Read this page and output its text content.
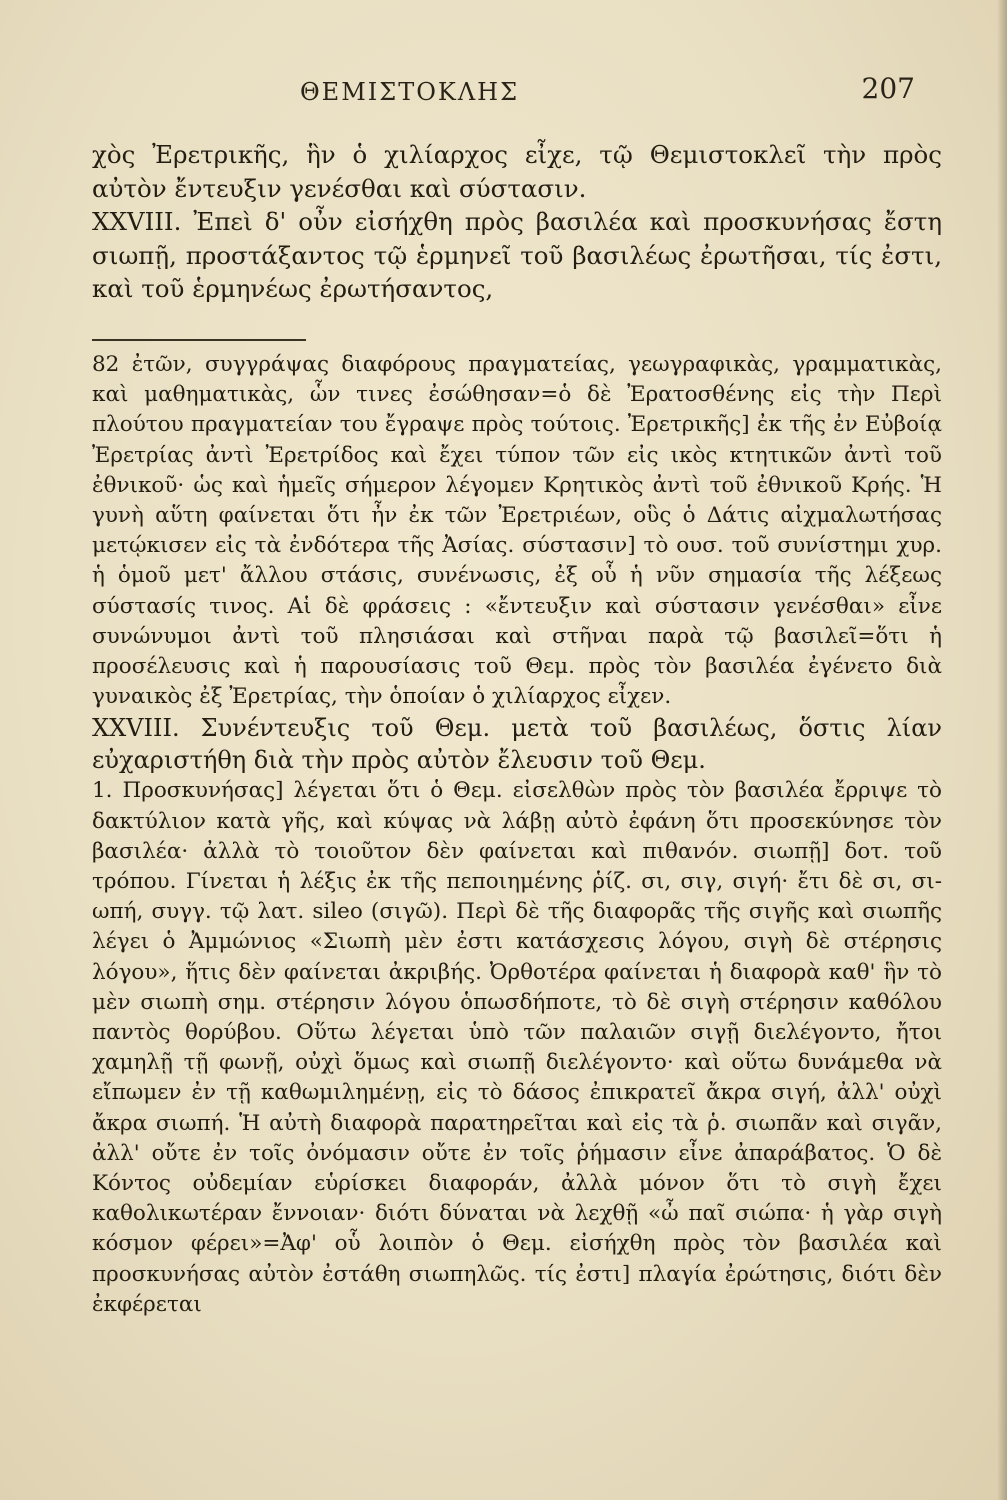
ΘΕΜΙΣΤΟΚΛΗΣ	207

χὸς Ἐρετρικῆς, ἣν ὁ χιλίαρχος εἶχε, τῷ Θεμιστοκλεῖ τὴν πρὸς αὐτὸν ἔντευξιν γενέσθαι καὶ σύστασιν.

XXVIII. Ἐπεὶ δ' οὖν εἰσήχθη πρὸς βασιλέα καὶ προσκυνήσας ἔστη σιωπῇ, προστάξαντος τῷ ἑρμηνεῖ τοῦ βασιλέως ἐρωτῆσαι, τίς ἐστι, καὶ τοῦ ἑρμηνέως ἐρωτήσαντος,

82 ἐτῶν, συγγράψας διαφόρους πραγματείας, γεωγραφικὰς, γραμματικὰς, καὶ μαθηματικὰς, ὧν τινες ἐσώθησαν=ὁ δὲ Ἐρατοσθένης εἰς τὴν Περὶ πλούτου πραγματείαν του ἔγραψε πρὸς τούτοις. Ἐρετρικῆς] ἐκ τῆς ἐν Εὐβοίᾳ Ἐρετρίας ἀντὶ Ἐρετρίδος καὶ ἔχει τύπον τῶν εἰς ικὸς κτητικῶν ἀντὶ τοῦ ἐθνικοῦ· ὡς καὶ ἡμεῖς σήμερον λέγομεν Κρητικὸς ἀντὶ τοῦ ἐθνικοῦ Κρής. Ἡ γυνὴ αὕτη φαίνεται ὅτι ἦν ἐκ τῶν Ἐρετριέων, οὓς ὁ Δάτις αἰχμαλωτήσας μετῴκισεν εἰς τὰ ἐνδότερα τῆς Ἀσίας. σύστασιν] τὸ ουσ. τοῦ συνίστημι χυρ. ἡ ὁμοῦ μετ' ἄλλου στάσις, συνένωσις, ἐξ οὗ ἡ νῦν σημασία τῆς λέξεως σύστασίς τινος. Αἱ δὲ φράσεις : «ἔντευξιν καὶ σύστασιν γενέσθαι» εἶνε συνώνυμοι ἀντὶ τοῦ πλησιάσαι καὶ στῆναι παρὰ τῷ βασιλεῖ=ὅτι ἡ προσέλευσις καὶ ἡ παρουσίασις τοῦ Θεμ. πρὸς τὸν βασιλέα ἐγένετο διὰ γυναικὸς ἐξ Ἐρετρίας, τὴν ὁποίαν ὁ χιλίαρχος εἶχεν.

XXVIII. Συνέντευξις τοῦ Θεμ. μετὰ τοῦ βασιλέως, ὅστις λίαν εὐχαριστήθη διὰ τὴν πρὸς αὐτὸν ἔλευσιν τοῦ Θεμ.

1. Προσκυνήσας] λέγεται ὅτι ὁ Θεμ. εἰσελθὼν πρὸς τὸν βασιλέα ἔρριψε τὸ δακτύλιον κατὰ γῆς, καὶ κύψας νὰ λάβῃ αὐτὸ ἐφάνη ὅτι προσεκύνησε τὸν βασιλέα· ἀλλὰ τὸ τοιοῦτον δὲν φαίνεται καὶ πιθανόν. σιωπῇ] δοτ. τοῦ τρόπου. Γίνεται ἡ λέξις ἐκ τῆς πεποιημένης ῥίζ. σι, σιγ, σιγή· ἔτι δὲ σι, σι-ωπή, συγγ. τῷ λατ. sileo (σιγῶ). Περὶ δὲ τῆς διαφορᾶς τῆς σιγῆς καὶ σιωπῆς λέγει ὁ Ἀμμώνιος «Σιωπὴ μὲν ἐστι κατάσχεσις λόγου, σιγὴ δὲ στέρησις λόγου», ἥτις δὲν φαίνεται ἀκριβής. Ὀρθοτέρα φαίνεται ἡ διαφορὰ καθ' ἣν τὸ μὲν σιωπὴ σημ. στέρησιν λόγου ὁπωσδήποτε, τὸ δὲ σιγὴ στέρησιν καθόλου παντὸς θορύβου. Οὕτω λέγεται ὑπὸ τῶν παλαιῶν σιγῇ διελέγοντο, ἤτοι χαμηλῇ τῇ φωνῇ, οὐχὶ ὅμως καὶ σιωπῇ διελέγοντο· καὶ οὕτω δυνάμεθα νὰ εἴπωμεν ἐν τῇ καθωμιλημένῃ, εἰς τὸ δάσος ἐπικρατεῖ ἄκρα σιγή, ἀλλ' οὐχὶ ἄκρα σιωπή. Ἡ αὐτὴ διαφορὰ παρατηρεῖται καὶ εἰς τὰ ῥ. σιωπᾶν καὶ σιγᾶν, ἀλλ' οὔτε ἐν τοῖς ὀνόμασιν οὔτε ἐν τοῖς ῥήμασιν εἶνε ἀπαράβατος. Ὁ δὲ Κόντος οὐδεμίαν εὑρίσκει διαφοράν, ἀλλὰ μόνον ὅτι τὸ σιγὴ ἔχει καθολικωτέραν ἔννοιαν· διότι δύναται νὰ λεχθῇ «ὦ παῖ σιώπα· ἡ γὰρ σιγὴ κόσμον φέρει»=Ἀφ' οὗ λοιπὸν ὁ Θεμ. εἰσήχθη πρὸς τὸν βασιλέα καὶ προσκυνήσας αὐτὸν ἐστάθη σιωπηλῶς. τίς ἐστι] πλαγία ἐρώτησις, διότι δὲν ἐκφέρεται
